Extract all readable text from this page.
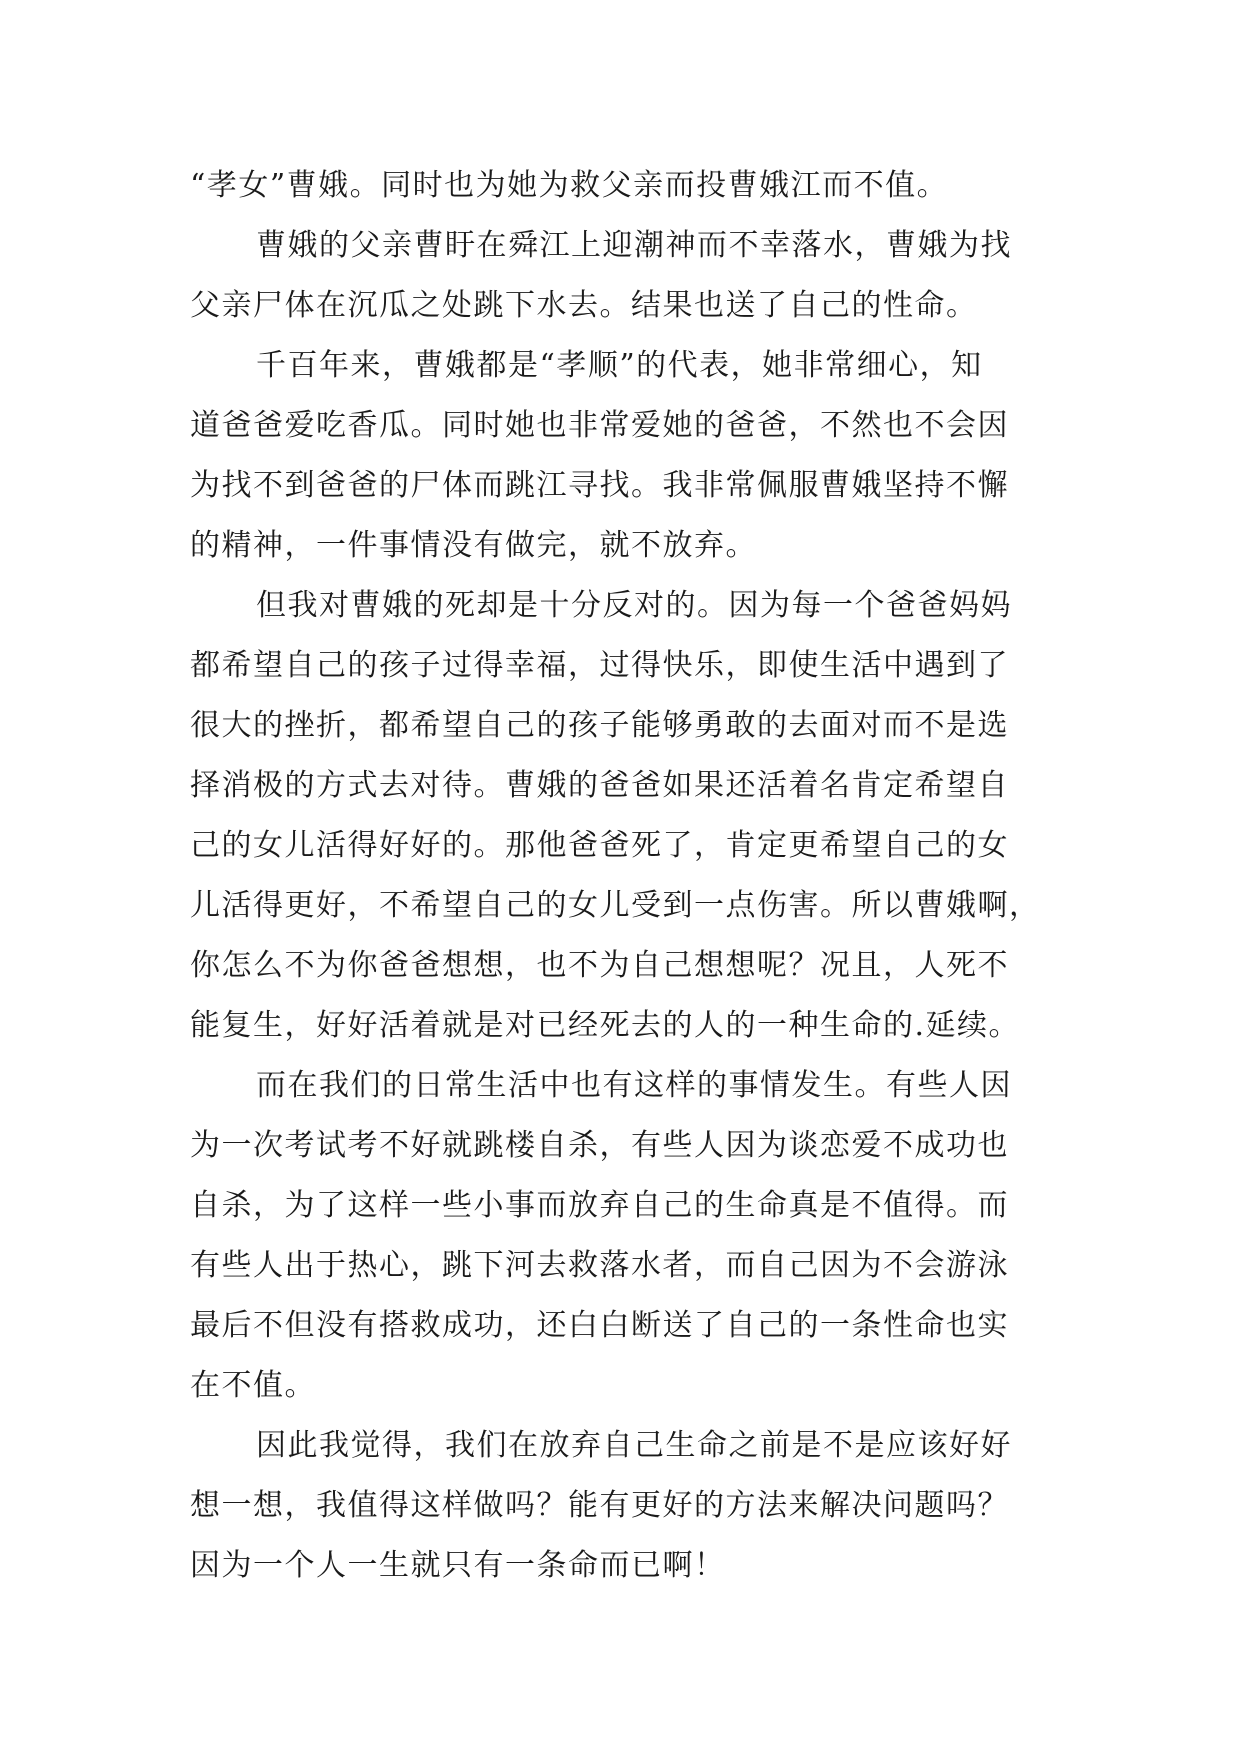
“孝女”曹娥。同时也为她为救父亲而投曹娥江而不值。
曹娥的父亲曹盱在舜江上迎潮神而不幸落水，曹娥为找
父亲尸体在沉瓜之处跳下水去。结果也送了自己的性命。
千百年来，曹娥都是“孝顺”的代表，她非常细心，知
道爸爸爱吃香瓜。同时她也非常爱她的爸爸，不然也不会因
为找不到爸爸的尸体而跳江寻找。我非常佩服曹娥坚持不懈
的精神，一件事情没有做完，就不放弃。
但我对曹娥的死却是十分反对的。因为每一个爸爸妈妈
都希望自己的孩子过得幸福，过得快乐，即使生活中遇到了
很大的挫折，都希望自己的孩子能够勇敢的去面对而不是选
择消极的方式去对待。曹娥的爸爸如果还活着名肯定希望自
己的女儿活得好好的。那他爸爸死了，肯定更希望自己的女
儿活得更好，不希望自己的女儿受到一点伤害。所以曹娥啊，
你怎么不为你爸爸想想，也不为自己想想呢？况且，人死不
能复生，好好活着就是对已经死去的人的一种生命的.延续。
而在我们的日常生活中也有这样的事情发生。有些人因
为一次考试考不好就跳楼自杀，有些人因为谈恋爱不成功也
自杀，为了这样一些小事而放弃自己的生命真是不值得。而
有些人出于热心，跳下河去救落水者，而自己因为不会游泳
最后不但没有搭救成功，还白白断送了自己的一条性命也实
在不值。
因此我觉得，我们在放弃自己生命之前是不是应该好好
想一想，我值得这样做吗？能有更好的方法来解决问题吗？
因为一个人一生就只有一条命而已啊！
